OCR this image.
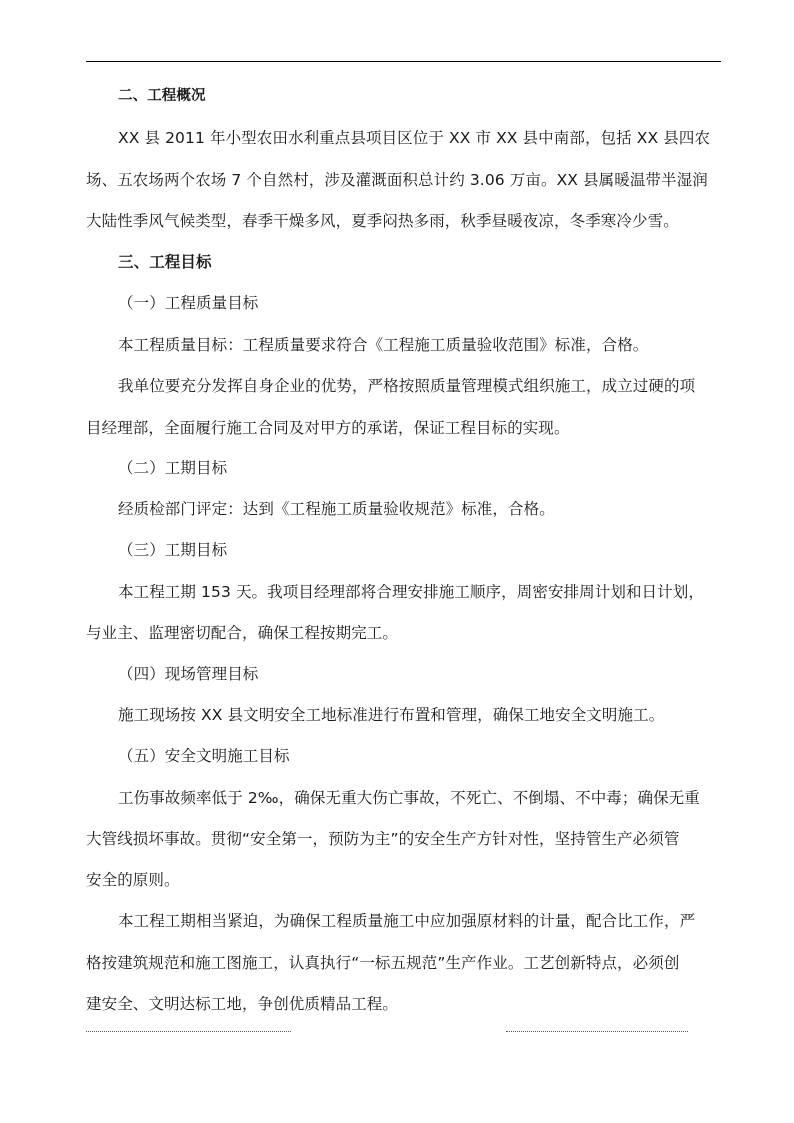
二、工程概况
XX 县 2011 年小型农田水利重点县项目区位于 XX 市 XX 县中南部，包括 XX 县四农
场、五农场两个农场 7 个自然村，涉及灌溉面积总计约 3.06 万亩。XX 县属暖温带半湿润
大陆性季风气候类型，春季干燥多风，夏季闷热多雨，秋季昼暖夜凉，冬季寒冷少雪。
三、工程目标
（一）工程质量目标
本工程质量目标：工程质量要求符合《工程施工质量验收范围》标准，合格。
我单位要充分发挥自身企业的优势，严格按照质量管理模式组织施工，成立过硬的项
目经理部，全面履行施工合同及对甲方的承诺，保证工程目标的实现。
（二）工期目标
经质检部门评定：达到《工程施工质量验收规范》标准，合格。
（三）工期目标
本工程工期 153 天。我项目经理部将合理安排施工顺序，周密安排周计划和日计划，
与业主、监理密切配合，确保工程按期完工。
（四）现场管理目标
施工现场按 XX 县文明安全工地标准进行布置和管理，确保工地安全文明施工。
（五）安全文明施工目标
工伤事故频率低于 2‰，确保无重大伤亡事故，不死亡、不倒塌、不中毒；确保无重
大管线损坏事故。贯彻“安全第一，预防为主”的安全生产方针对性，坚持管生产必须管
安全的原则。
本工程工期相当紧迫，为确保工程质量施工中应加强原材料的计量，配合比工作，严
格按建筑规范和施工图施工，认真执行“一标五规范”生产作业。工艺创新特点，必须创
建安全、文明达标工地，争创优质精品工程。
